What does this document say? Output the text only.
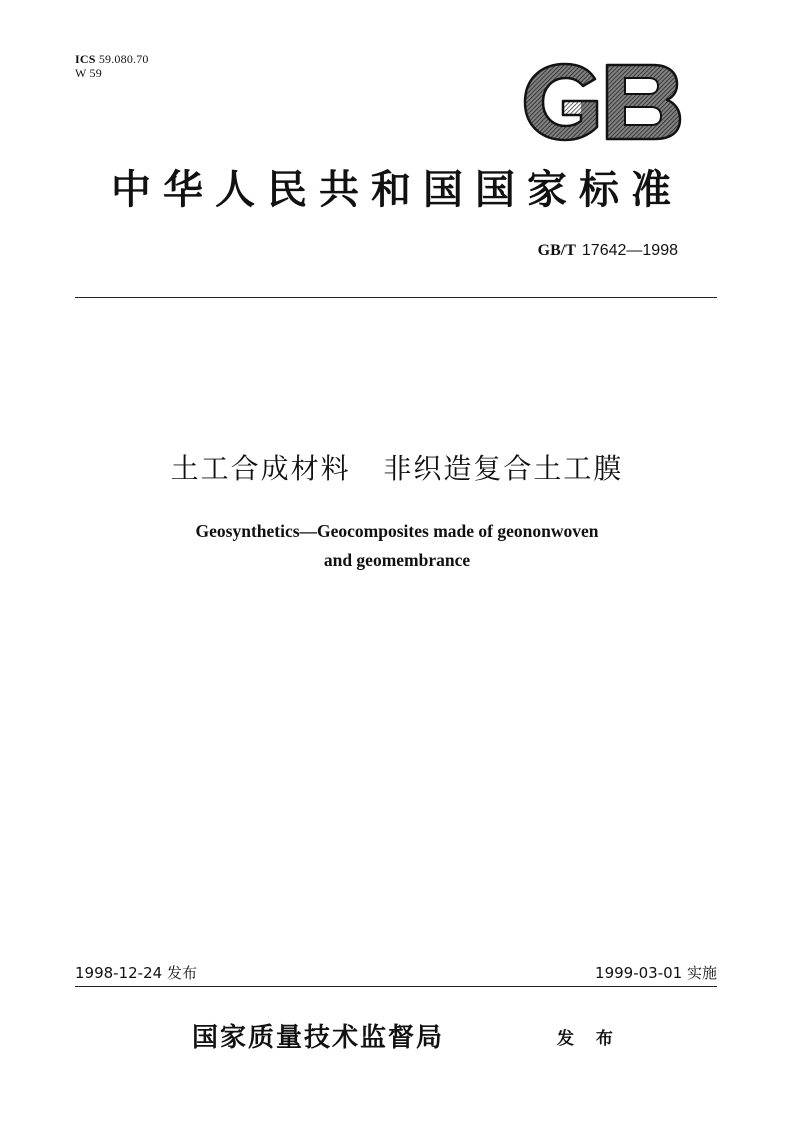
ICS 59.080.70
W 59
中华人民共和国国家标准
GB/T 17642—1998
土工合成材料   非织造复合土工膜
Geosynthetics—Geocomposites made of geononwoven
and geomembrance
1998-12-24 发布	1999-03-01 实施
国家质量技术监督局	发 布
